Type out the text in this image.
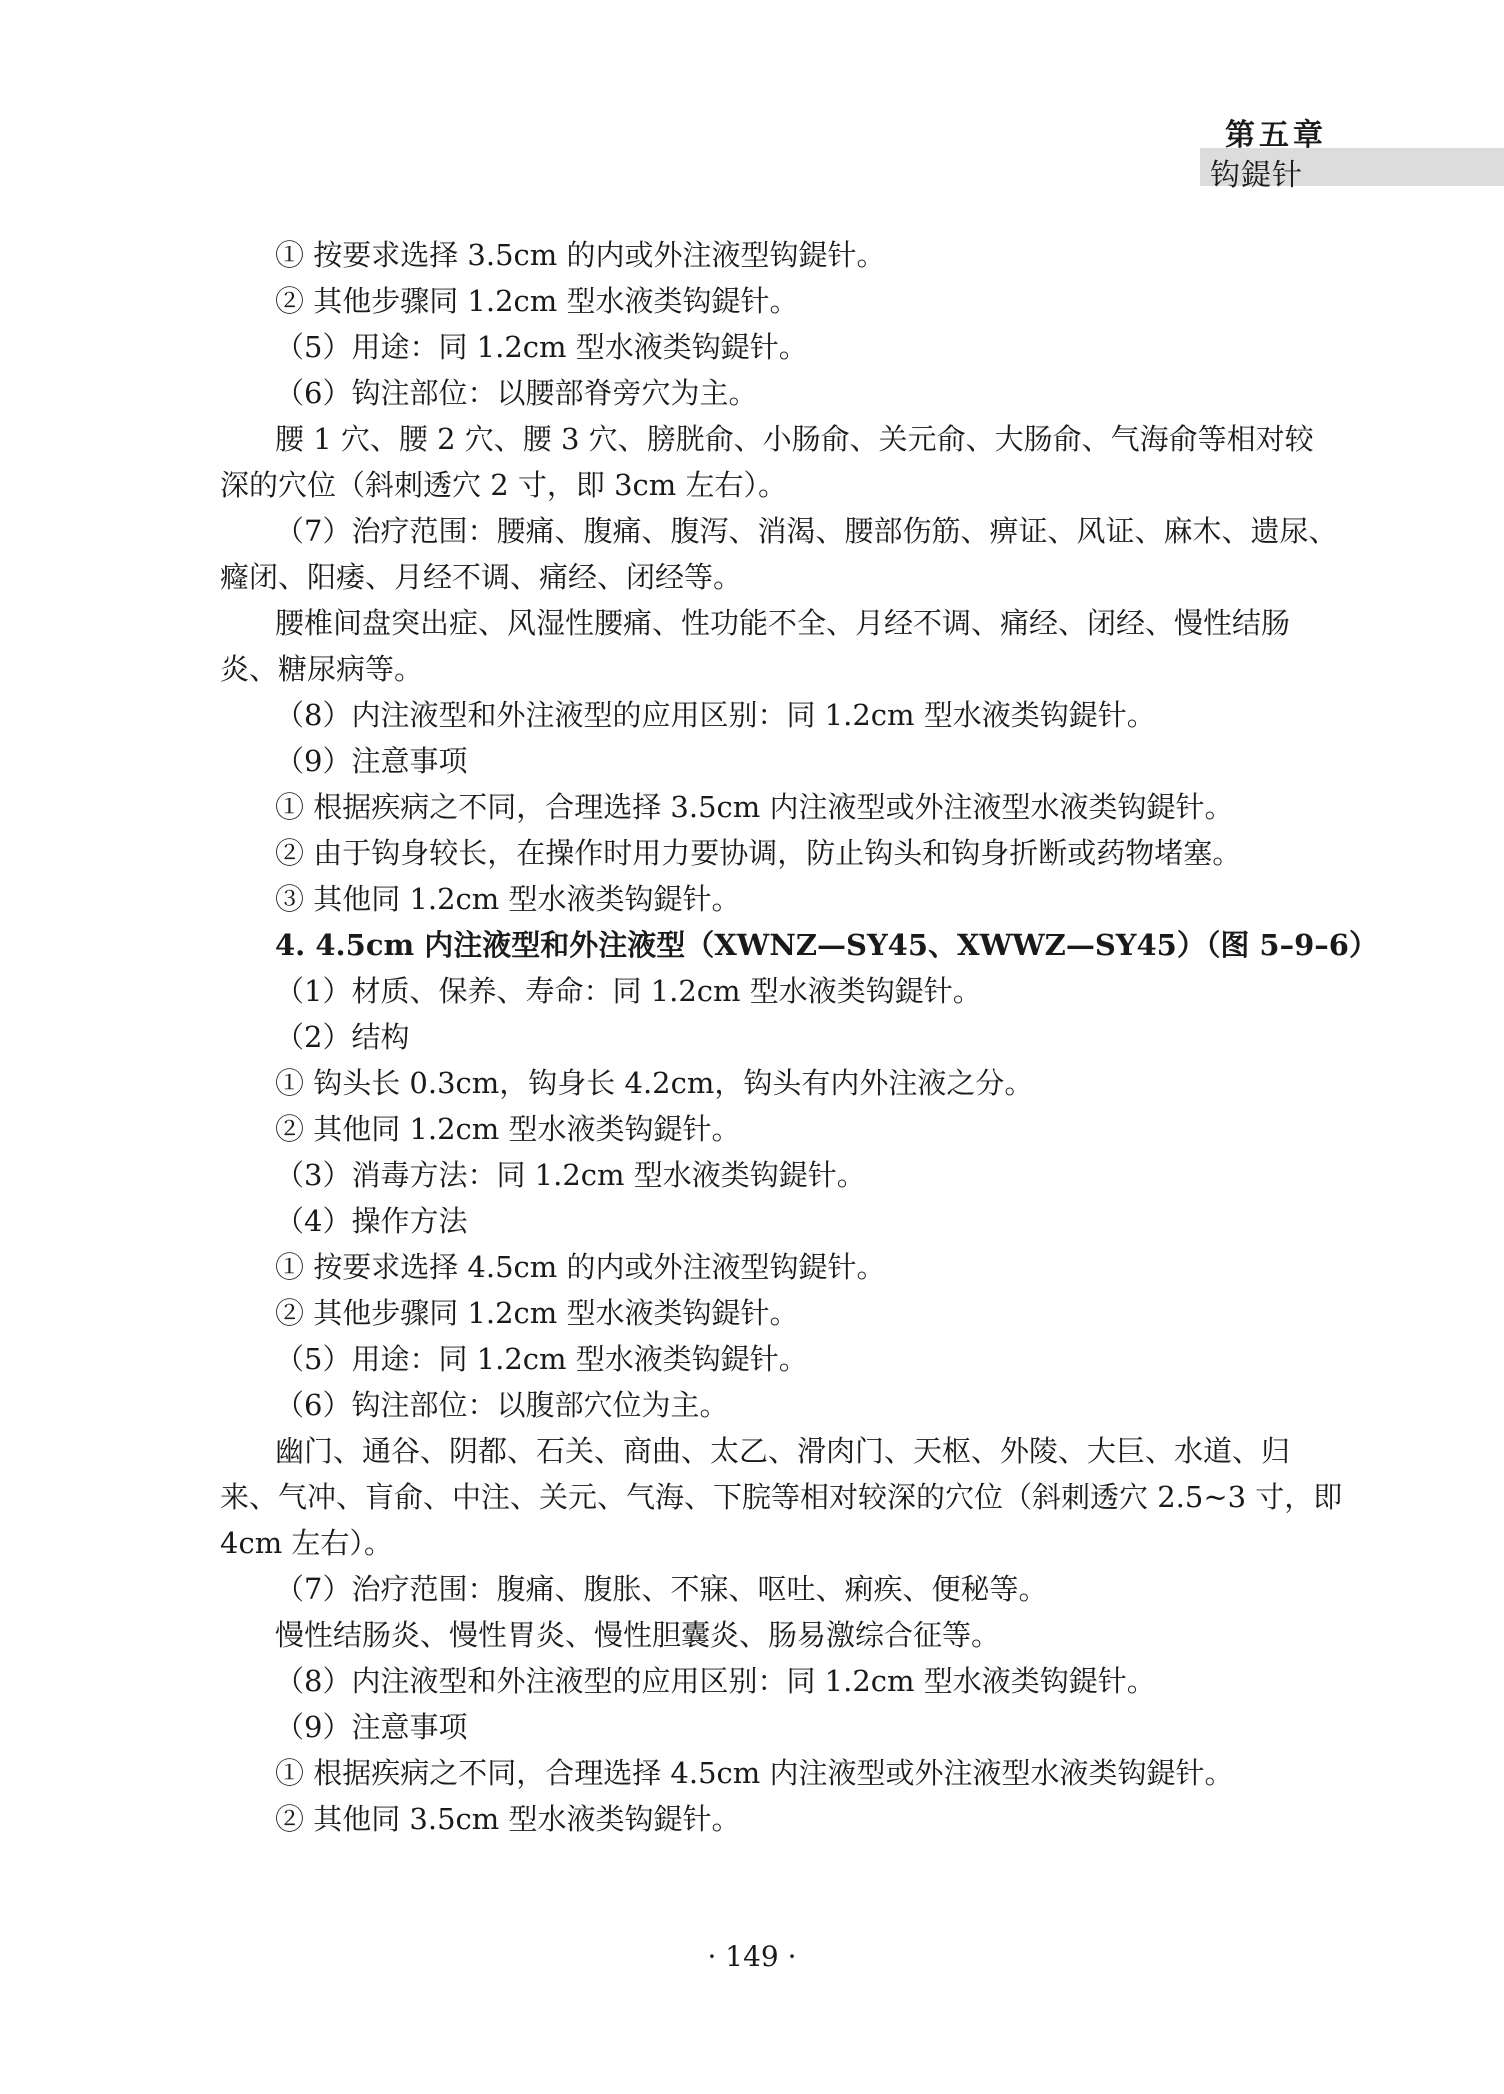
第五章
钩鍉针

① 按要求选择 3.5cm 的内或外注液型钩鍉针。

② 其他步骤同 1.2cm 型水液类钩鍉针。

（5）用途：同 1.2cm 型水液类钩鍉针。

（6）钩注部位：以腰部脊旁穴为主。

腰 1 穴、腰 2 穴、腰 3 穴、膀胱俞、小肠俞、关元俞、大肠俞、气海俞等相对较

深的穴位（斜刺透穴 2 寸，即 3cm 左右）。

（7）治疗范围：腰痛、腹痛、腹泻、消渴、腰部伤筋、痹证、风证、麻木、遗尿、

癃闭、阳痿、月经不调、痛经、闭经等。

腰椎间盘突出症、风湿性腰痛、性功能不全、月经不调、痛经、闭经、慢性结肠

炎、糖尿病等。

（8）内注液型和外注液型的应用区别：同 1.2cm 型水液类钩鍉针。

（9）注意事项

① 根据疾病之不同，合理选择 3.5cm 内注液型或外注液型水液类钩鍉针。

② 由于钩身较长，在操作时用力要协调，防止钩头和钩身折断或药物堵塞。

③ 其他同 1.2cm 型水液类钩鍉针。

4. 4.5cm 内注液型和外注液型（XWNZ—SY45、XWWZ—SY45）（图 5–9–6）

（1）材质、保养、寿命：同 1.2cm 型水液类钩鍉针。

（2）结构

① 钩头长 0.3cm，钩身长 4.2cm，钩头有内外注液之分。

② 其他同 1.2cm 型水液类钩鍉针。

（3）消毒方法：同 1.2cm 型水液类钩鍉针。

（4）操作方法

① 按要求选择 4.5cm 的内或外注液型钩鍉针。

② 其他步骤同 1.2cm 型水液类钩鍉针。

（5）用途：同 1.2cm 型水液类钩鍉针。

（6）钩注部位：以腹部穴位为主。

幽门、通谷、阴都、石关、商曲、太乙、滑肉门、天枢、外陵、大巨、水道、归

来、气冲、肓俞、中注、关元、气海、下脘等相对较深的穴位（斜刺透穴 2.5~3 寸，即

4cm 左右）。

（7）治疗范围：腹痛、腹胀、不寐、呕吐、痢疾、便秘等。

慢性结肠炎、慢性胃炎、慢性胆囊炎、肠易激综合征等。

（8）内注液型和外注液型的应用区别：同 1.2cm 型水液类钩鍉针。

（9）注意事项

① 根据疾病之不同，合理选择 4.5cm 内注液型或外注液型水液类钩鍉针。

② 其他同 3.5cm 型水液类钩鍉针。

· 149 ·
